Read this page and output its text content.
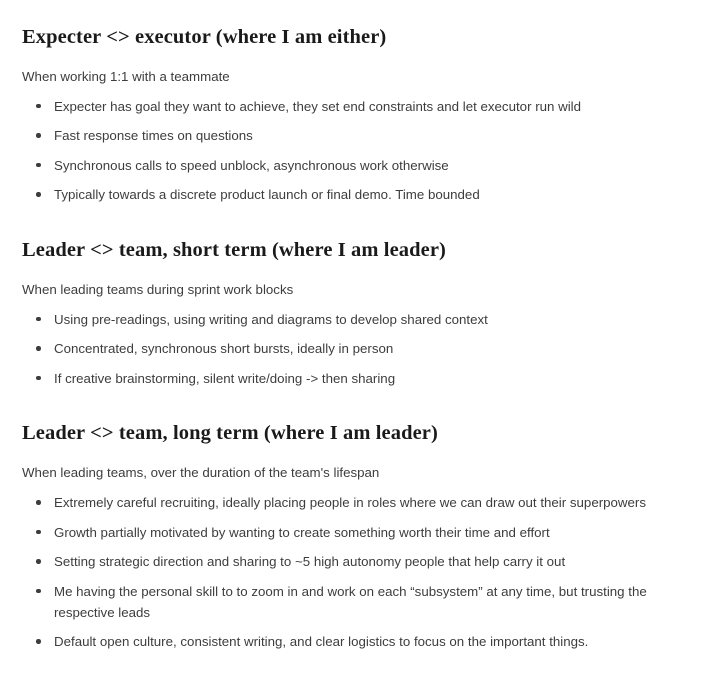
Expecter <> executor (where I am either)

When working 1:1 with a teammate

Expecter has goal they want to achieve, they set end constraints and let executor run wild
Fast response times on questions
Synchronous calls to speed unblock, asynchronous work otherwise
Typically towards a discrete product launch or final demo. Time bounded
Leader <> team, short term (where I am leader)

When leading teams during sprint work blocks

Using pre-readings, using writing and diagrams to develop shared context
Concentrated, synchronous short bursts, ideally in person
If creative brainstorming, silent write/doing -> then sharing
Leader <> team, long term (where I am leader)

When leading teams, over the duration of the team's lifespan

Extremely careful recruiting, ideally placing people in roles where we can draw out their superpowers
Growth partially motivated by wanting to create something worth their time and effort
Setting strategic direction and sharing to ~5 high autonomy people that help carry it out
Me having the personal skill to to zoom in and work on each “subsystem” at any time, but trusting the respective leads
Default open culture, consistent writing, and clear logistics to focus on the important things.
